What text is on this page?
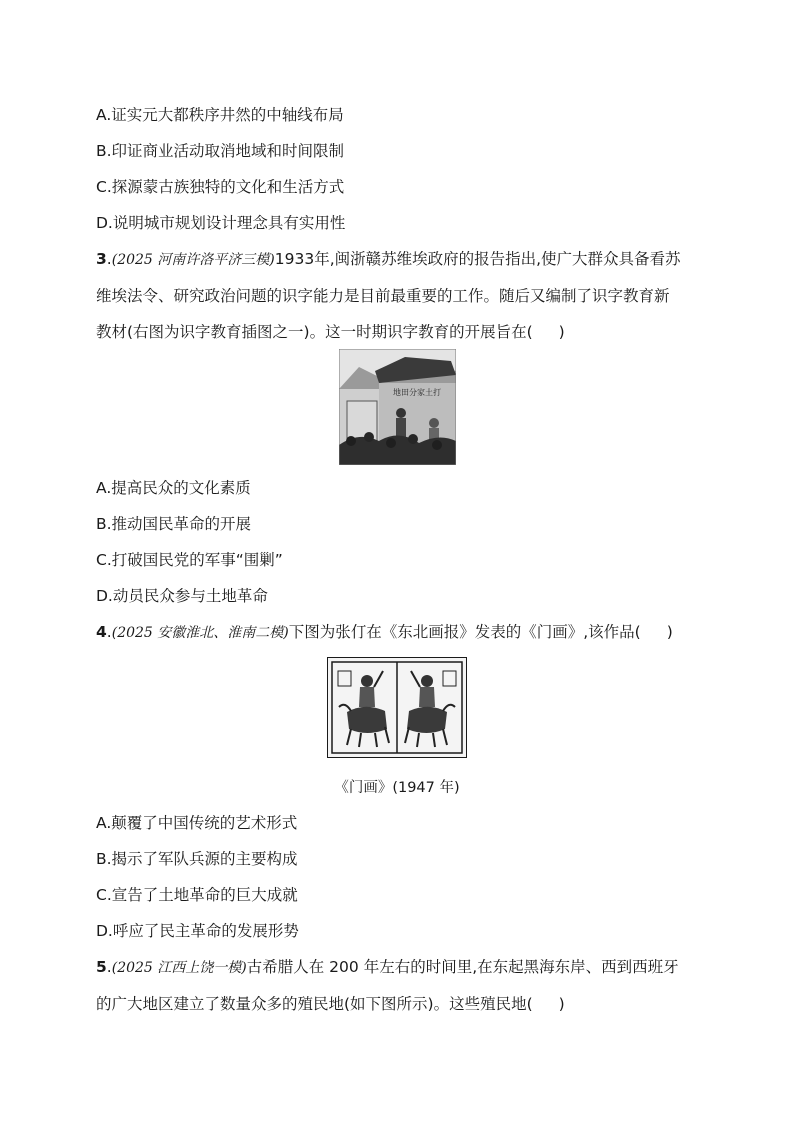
A.证实元大都秩序井然的中轴线布局
B.印证商业活动取消地域和时间限制
C.探源蒙古族独特的文化和生活方式
D.说明城市规划设计理念具有实用性
3.(2025 河南许洛平济三模)1933年,闽浙赣苏维埃政府的报告指出,使广大群众具备看苏
维埃法令、研究政治问题的识字能力是目前最重要的工作。随后又编制了识字教育新
教材(右图为识字教育插图之一)。这一时期识字教育的开展旨在( )
地田分家土打
A.提高民众的文化素质
B.推动国民革命的开展
C.打破国民党的军事“围剿”
D.动员民众参与土地革命
4.(2025 安徽淮北、淮南二模)下图为张仃在《东北画报》发表的《门画》,该作品( )
《门画》(1947 年)
A.颠覆了中国传统的艺术形式
B.揭示了军队兵源的主要构成
C.宣告了土地革命的巨大成就
D.呼应了民主革命的发展形势
5.(2025 江西上饶一模)古希腊人在 200 年左右的时间里,在东起黑海东岸、西到西班牙
的广大地区建立了数量众多的殖民地(如下图所示)。这些殖民地( )
